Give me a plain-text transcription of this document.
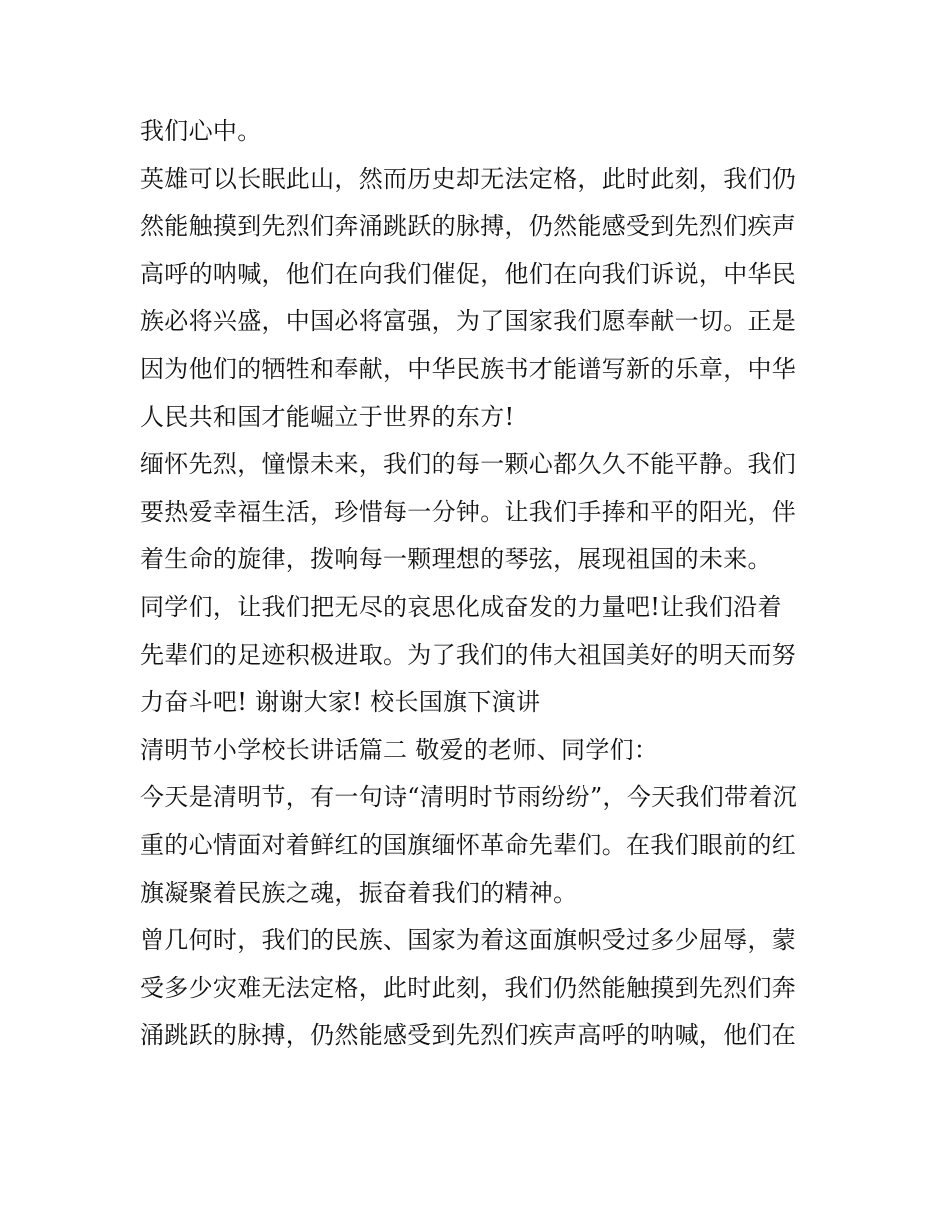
我们心中。
英雄可以长眠此山，然而历史却无法定格，此时此刻，我们仍
然能触摸到先烈们奔涌跳跃的脉搏，仍然能感受到先烈们疾声
高呼的呐喊，他们在向我们催促，他们在向我们诉说，中华民
族必将兴盛，中国必将富强，为了国家我们愿奉献一切。正是
因为他们的牺牲和奉献，中华民族书才能谱写新的乐章，中华
人民共和国才能崛立于世界的东方!
缅怀先烈，憧憬未来，我们的每一颗心都久久不能平静。我们
要热爱幸福生活，珍惜每一分钟。让我们手捧和平的阳光，伴
着生命的旋律，拨响每一颗理想的琴弦，展现祖国的未来。
同学们，让我们把无尽的哀思化成奋发的力量吧!让我们沿着
先辈们的足迹积极进取。为了我们的伟大祖国美好的明天而努
力奋斗吧! 谢谢大家! 校长国旗下演讲
清明节小学校长讲话篇二 敬爱的老师、同学们：
今天是清明节，有一句诗“清明时节雨纷纷”，今天我们带着沉
重的心情面对着鲜红的国旗缅怀革命先辈们。在我们眼前的红
旗凝聚着民族之魂，振奋着我们的精神。
曾几何时，我们的民族、国家为着这面旗帜受过多少屈辱，蒙
受多少灾难无法定格，此时此刻，我们仍然能触摸到先烈们奔
涌跳跃的脉搏，仍然能感受到先烈们疾声高呼的呐喊，他们在
